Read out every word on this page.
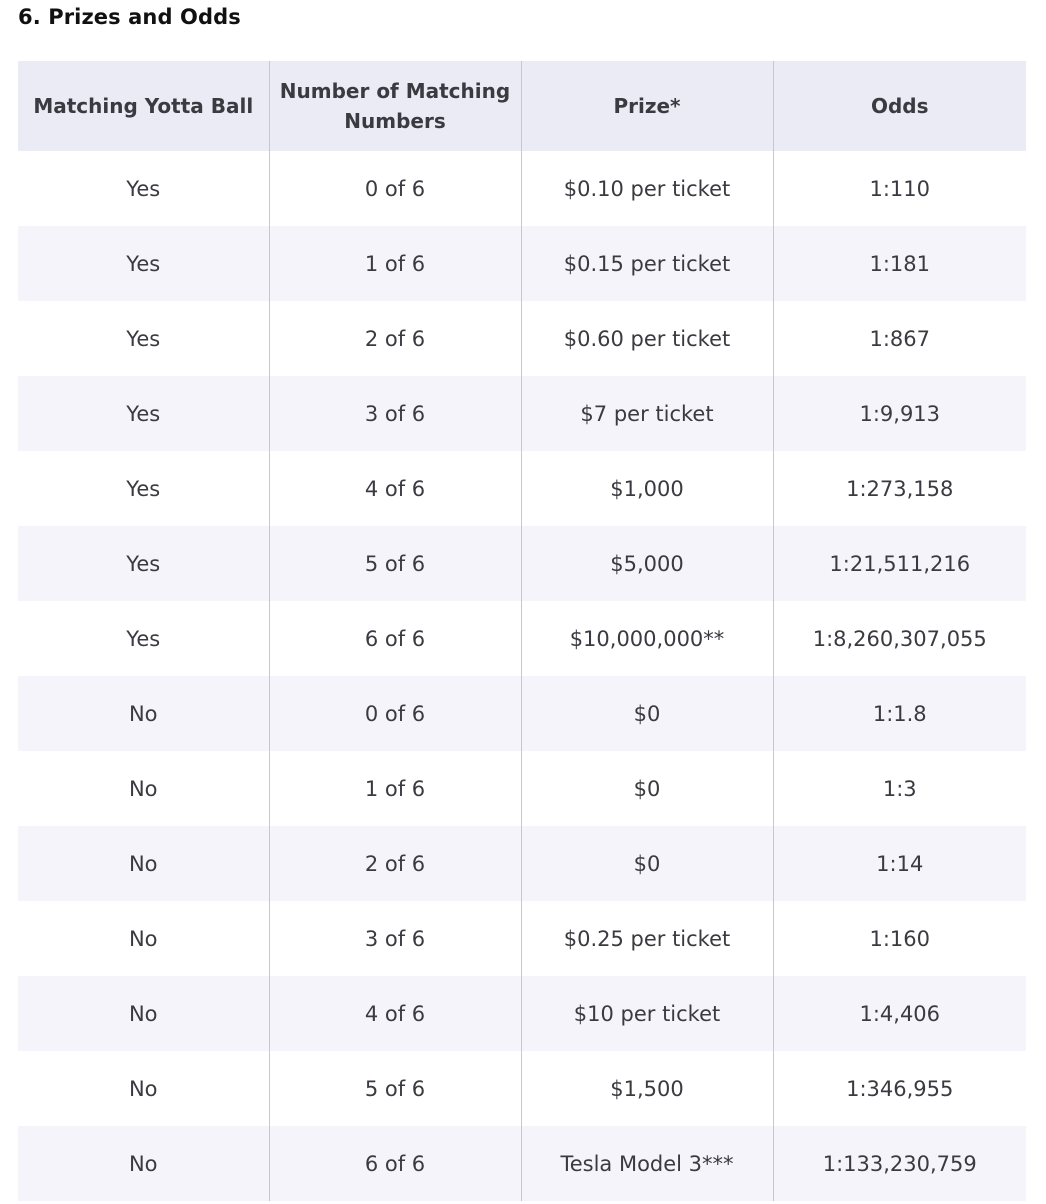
6. Prizes and Odds
Matching Yotta Ball	Number of Matching Numbers	Prize*	Odds
Yes	0 of 6	$0.10 per ticket	1:110
Yes	1 of 6	$0.15 per ticket	1:181
Yes	2 of 6	$0.60 per ticket	1:867
Yes	3 of 6	$7 per ticket	1:9,913
Yes	4 of 6	$1,000	1:273,158
Yes	5 of 6	$5,000	1:21,511,216
Yes	6 of 6	$10,000,000**	1:8,260,307,055
No	0 of 6	$0	1:1.8
No	1 of 6	$0	1:3
No	2 of 6	$0	1:14
No	3 of 6	$0.25 per ticket	1:160
No	4 of 6	$10 per ticket	1:4,406
No	5 of 6	$1,500	1:346,955
No	6 of 6	Tesla Model 3***	1:133,230,759
